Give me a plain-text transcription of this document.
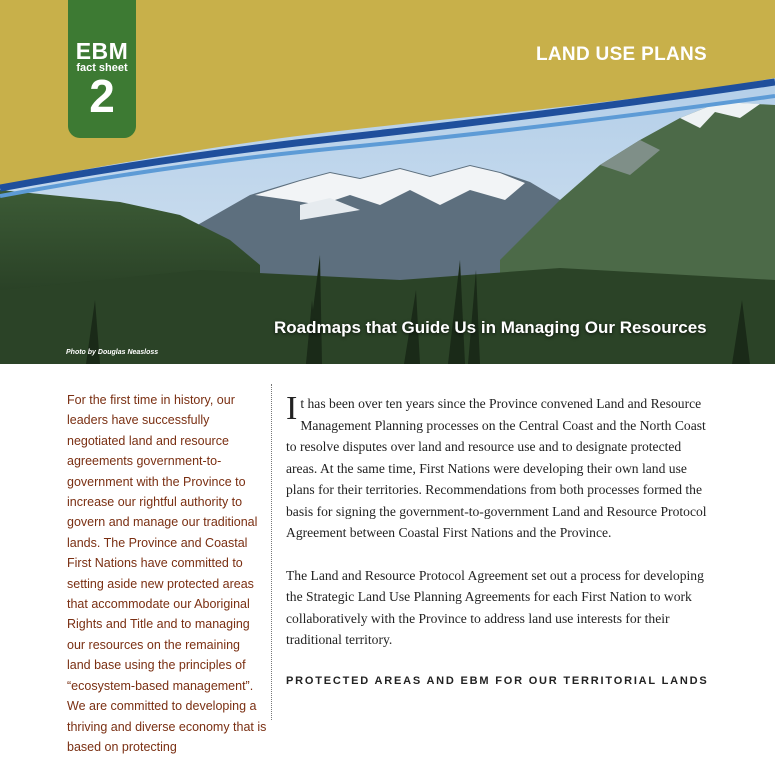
EBM
fact sheet
2
LAND USE PLANS
Roadmaps that Guide Us in Managing Our Resources
Photo by Douglas Neasloss
For the first time in history, our leaders have successfully negotiated land and resource agreements government-to-government with the Province to increase our rightful authority to govern and manage our traditional lands. The Province and Coastal First Nations have committed to setting aside new protected areas that accommodate our Aboriginal Rights and Title and to managing our resources on the remaining land base using the principles of “ecosystem-based management”. We are committed to developing a thriving and diverse economy that is based on protecting

It has been over ten years since the Province convened Land and Resource Management Planning processes on the Central Coast and the North Coast to resolve disputes over land and resource use and to designate protected areas. At the same time, First Nations were developing their own land use plans for their territories. Recommendations from both processes formed the basis for signing the government-to-government Land and Resource Protocol Agreement between Coastal First Nations and the Province.

The Land and Resource Protocol Agreement set out a process for developing the Strategic Land Use Planning Agreements for each First Nation to work collaboratively with the Province to address land use interests for their traditional territory.

PROTECTED AREAS AND EBM FOR OUR TERRITORIAL LANDS
